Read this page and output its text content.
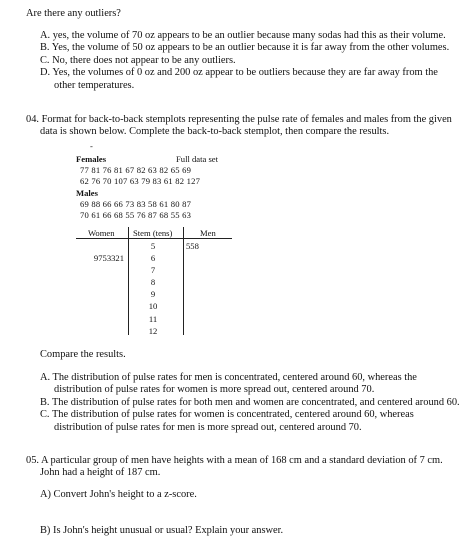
Are there any outliers?
A. yes, the volume of 70 oz appears to be an outlier because many sodas had this as their volume.
B. Yes, the volume of 50 oz appears to be an outlier because it is far away from the other volumes.
C. No, there does not appear to be any outliers.
D. Yes, the volumes of 0 oz and 200 oz appear to be outliers because they are far away from the other temperatures.
04. Format for back-to-back stemplots representing the pulse rate of females and males from the given
data is shown below. Complete the back-to-back stemplot, then compare the results.
-
Females	Full data set
77 81 76 81 67 82 63 82 65 69
62 76 70 107 63 79 83 61 82 127
Males
69 88 66 66 73 83 58 61 80 87
70 61 66 68 55 76 87 68 55 63
Women Stem (tens)	Men
5
6
7
8
9
10
11
12
9753321
558
Compare the results.
A. The distribution of pulse rates for men is concentrated, centered around 60, whereas the distribution of pulse rates for women is more spread out, centered around 70.
B. The distribution of pulse rates for both men and women are concentrated, and centered around 60.
C. The distribution of pulse rates for women is concentrated, centered around 60, whereas distribution of pulse rates for men is more spread out, centered around 70.
05. A particular group of men have heights with a mean of 168 cm and a standard deviation of 7 cm.
John had a height of 187 cm.
A) Convert John's height to a z-score.
B) Is John's height unusual or usual? Explain your answer.
